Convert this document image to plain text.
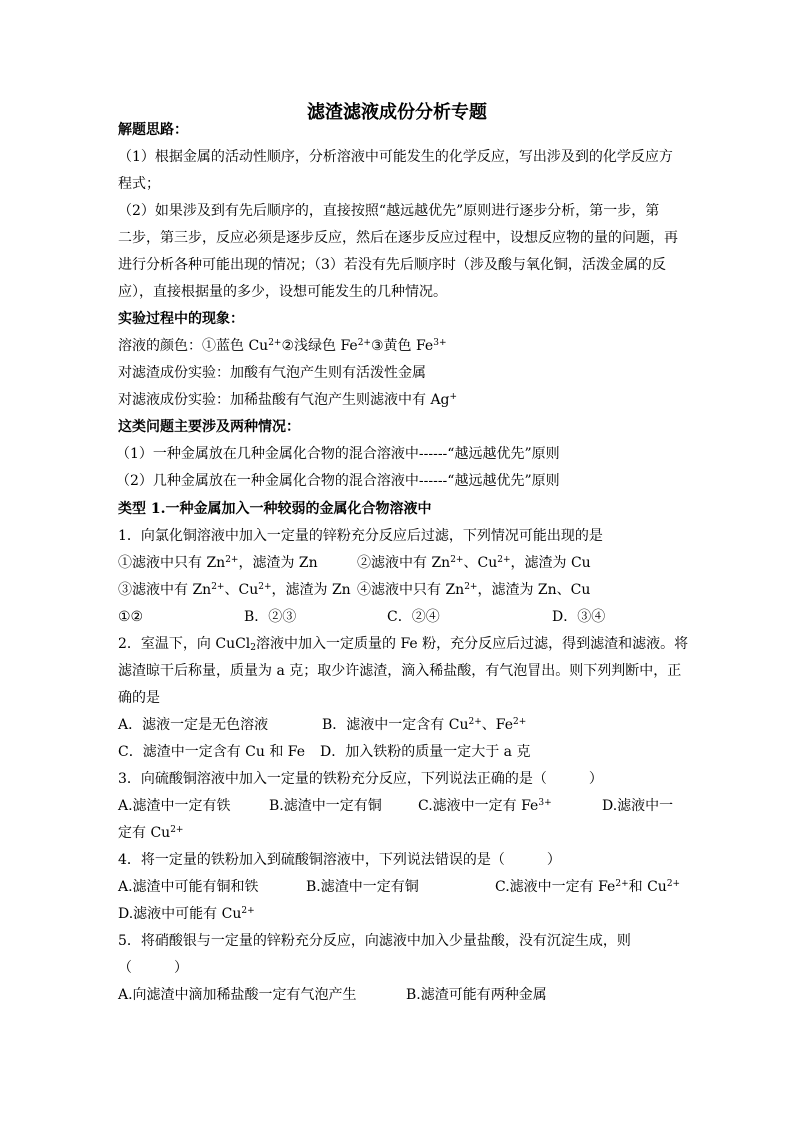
滤渣滤液成份分析专题
解题思路：
（1）根据金属的活动性顺序，分析溶液中可能发生的化学反应，写出涉及到的化学反应方
程式；
（2）如果涉及到有先后顺序的，直接按照“越远越优先”原则进行逐步分析，第一步，第
二步，第三步，反应必须是逐步反应，然后在逐步反应过程中，设想反应物的量的问题，再
进行分析各种可能出现的情况；（3）若没有先后顺序时（涉及酸与氧化铜，活泼金属的反
应），直接根据量的多少，设想可能发生的几种情况。
实验过程中的现象：
溶液的颜色：①蓝色 $Cu^{2+}②$浅绿色 $Fe^{2+}③$黄色 $Fe^{3+}$
对滤渣成份实验：加酸有气泡产生则有活泼性金属
对滤液成份实验：加稀盐酸有气泡产生则滤液中有 Ag+
这类问题主要涉及两种情况：
（1）一种金属放在几种金属化合物的混合溶液中------“越远越优先”原则
（2）几种金属放在一种金属化合物的混合溶液中------“越远越优先”原则
类型 1.一种金属加入一种较弱的金属化合物溶液中
1．向氯化铜溶液中加入一定量的锌粉充分反应后过滤，下列情况可能出现的是
①滤液中只有 $Zn^{2+}$，滤渣为 Zn	②滤液中有 $Zn^{2+}$、$Cu^{2+}$，滤渣为 Cu
③滤液中有 $Zn^{2+}$、$Cu^{2+}$，滤渣为 Zn ④滤液中只有 $Zn^{2+}$，滤渣为 Zn、Cu
①②	B．②③	C．②④	D．③④
2．室温下，向 CuCl$_2$溶液中加入一定质量的 Fe 粉，充分反应后过滤，得到滤渣和滤液。将
滤渣晾干后称量，质量为 a 克；取少许滤渣，滴入稀盐酸，有气泡冒出。则下列判断中，正
确的是
A．滤液一定是无色溶液	B．滤液中一定含有 $Cu^{2+}$、$Fe^{2+}$
C．滤渣中一定含有 Cu 和 Fe D．加入铁粉的质量一定大于 a 克
3．向硫酸铜溶液中加入一定量的铁粉充分反应，下列说法正确的是（　　　）
A.滤渣中一定有铁	B.滤渣中一定有铜	C.滤液中一定有 $Fe^{3+}$	D.滤液中一
定有 $Cu^{2+}$
4．将一定量的铁粉加入到硫酸铜溶液中，下列说法错误的是（　　　）
A.滤渣中可能有铜和铁	B.滤渣中一定有铜	C.滤液中一定有 $Fe^{2+}$和 $Cu^{2+}$
D.滤液中可能有 $Cu^{2+}$
5．将硝酸银与一定量的锌粉充分反应，向滤液中加入少量盐酸，没有沉淀生成，则
（　　　）
A.向滤渣中滴加稀盐酸一定有气泡产生	B.滤渣可能有两种金属
